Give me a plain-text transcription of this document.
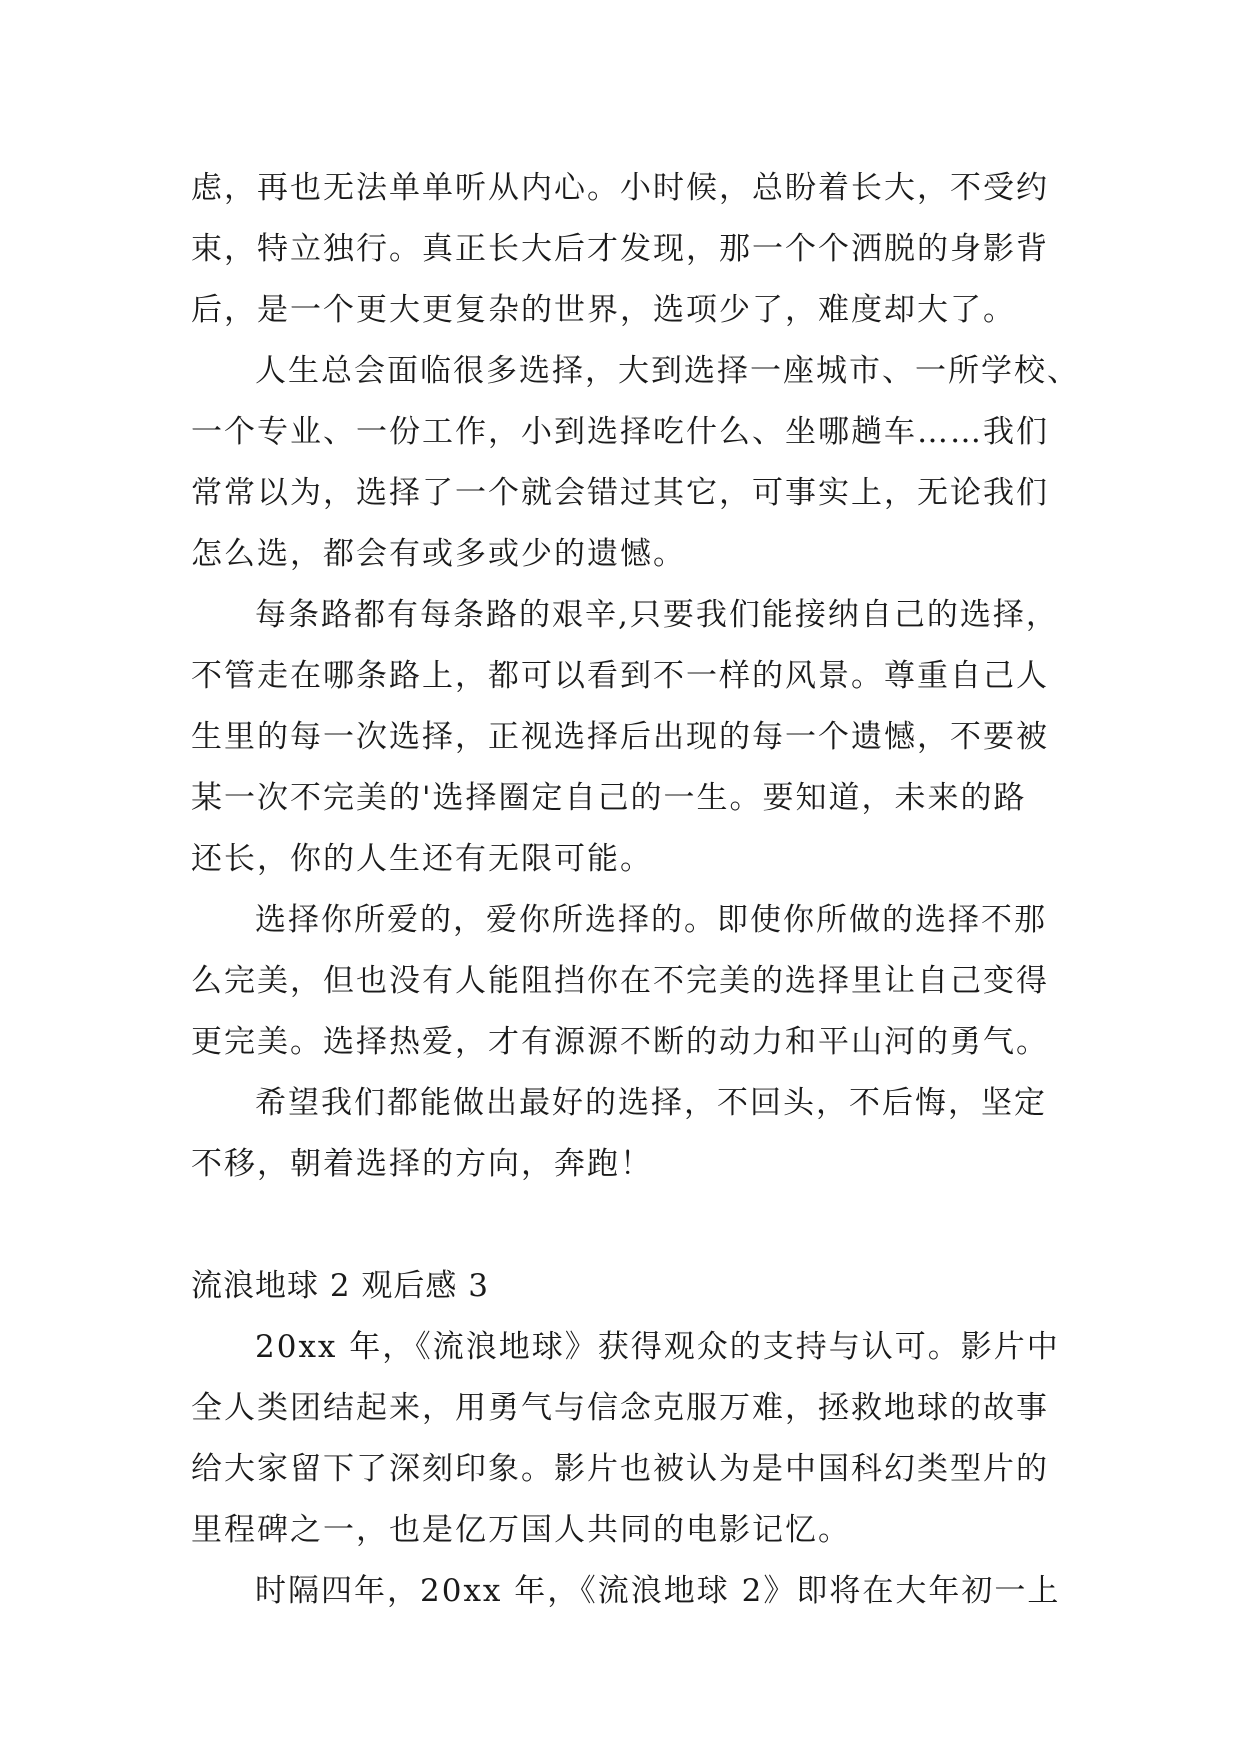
虑，再也无法单单听从内心。小时候，总盼着长大，不受约
束，特立独行。真正长大后才发现，那一个个洒脱的身影背
后，是一个更大更复杂的世界，选项少了，难度却大了。
人生总会面临很多选择，大到选择一座城市、一所学校、
一个专业、一份工作，小到选择吃什么、坐哪趟车……我们
常常以为，选择了一个就会错过其它，可事实上，无论我们
怎么选，都会有或多或少的遗憾。
每条路都有每条路的艰辛,只要我们能接纳自己的选择，
不管走在哪条路上，都可以看到不一样的风景。尊重自己人
生里的每一次选择，正视选择后出现的每一个遗憾，不要被
某一次不完美的'选择圈定自己的一生。要知道，未来的路
还长，你的人生还有无限可能。
选择你所爱的，爱你所选择的。即使你所做的选择不那
么完美，但也没有人能阻挡你在不完美的选择里让自己变得
更完美。选择热爱，才有源源不断的动力和平山河的勇气。
希望我们都能做出最好的选择，不回头，不后悔，坚定
不移，朝着选择的方向，奔跑！
流浪地球 2 观后感 3
20xx 年，《流浪地球》获得观众的支持与认可。影片中
全人类团结起来，用勇气与信念克服万难，拯救地球的故事
给大家留下了深刻印象。影片也被认为是中国科幻类型片的
里程碑之一，也是亿万国人共同的电影记忆。
时隔四年，20xx 年，《流浪地球 2》即将在大年初一上
